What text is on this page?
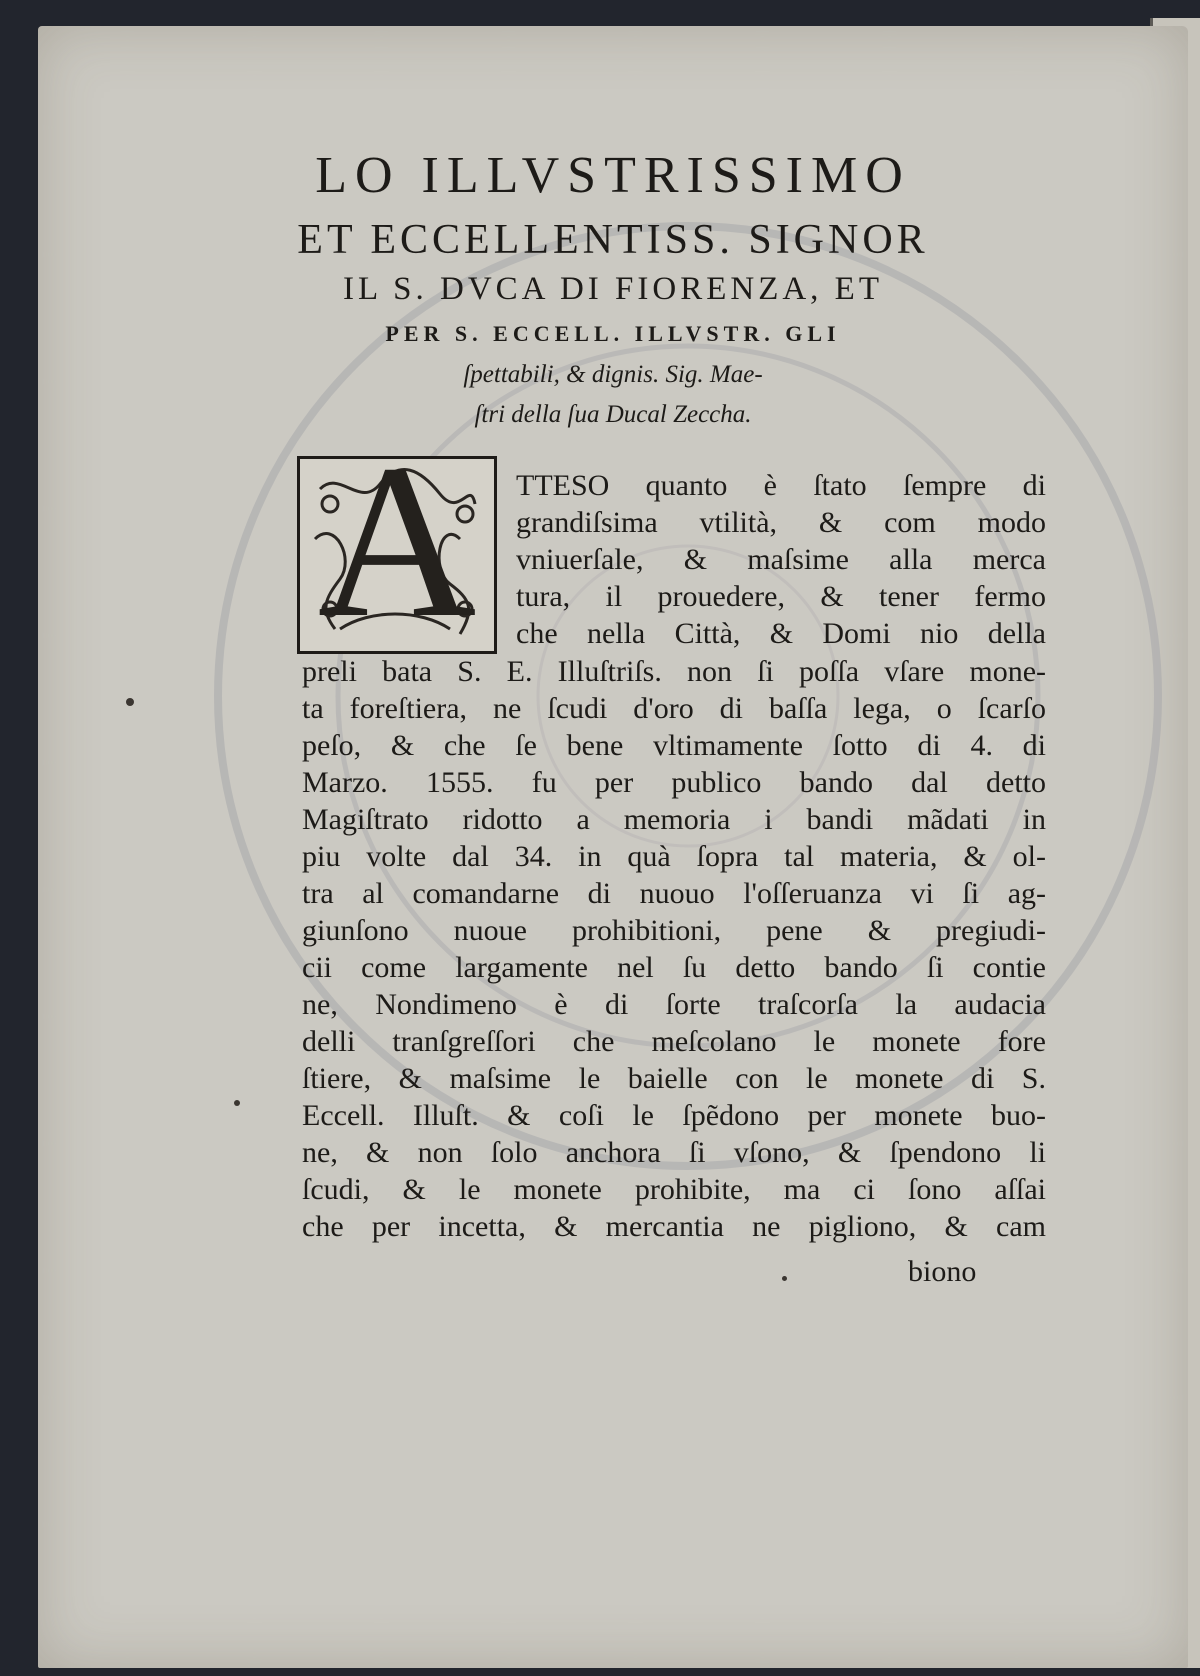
LO ILLVSTRISSIMO
ET ECCELLENTISS. SIGNOR
IL S. DVCA DI FIORENZA, ET
PER S. ECCELL. ILLVSTR. GLI
ſpettabili, & dignis. Sig. Mae-
ſtri della ſua Ducal Zeccha.
A	TTESO quanto è ſtato ſempre di
grandiſsima vtilità, & com modo
vniuerſale, & maſsime alla merca
tura, il prouedere, & tener fermo
che nella Città, & Domi nio della
preli bata S. E. Illuſtriſs. non ſi poſſa vſare mone-
ta foreſtiera, ne ſcudi d'oro di baſſa lega, o ſcarſo
peſo, & che ſe bene vltimamente ſotto di 4. di
Marzo. 1555. fu per publico bando dal detto
Magiſtrato ridotto a memoria i bandi mãdati in
piu volte dal 34. in quà ſopra tal materia, & ol-
tra al comandarne di nuouo l'oſſeruanza vi ſi ag-
giunſono nuoue prohibitioni, pene & pregiudi-
cii come largamente nel ſu detto bando ſi contie
ne, Nondimeno è di ſorte traſcorſa la audacia
delli tranſgreſſori che meſcolano le monete fore
ſtiere, & maſsime le baielle con le monete di S.
Eccell. Illuſt. & coſi le ſpẽdono per monete buo-
ne, & non ſolo anchora ſi vſono, & ſpendono li
ſcudi, & le monete prohibite, ma ci ſono aſſai
che per incetta, & mercantia ne pigliono, & cam
biono
